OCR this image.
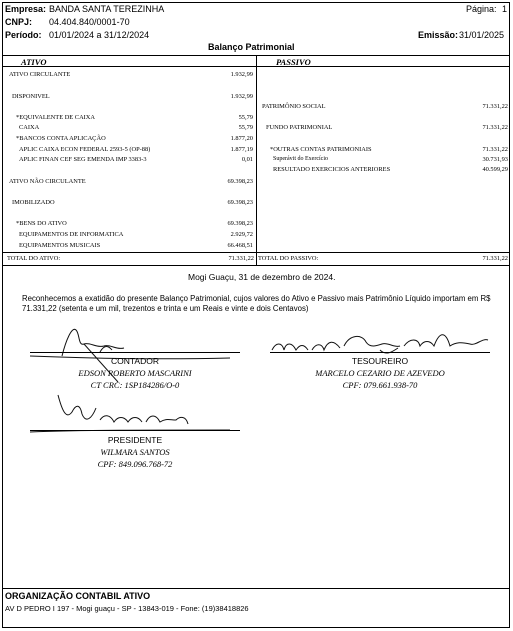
Empresa: BANDA SANTA TEREZINHA	Página: 1
CNPJ: 04.404.840/0001-70
Período: 01/01/2024 a 31/12/2024	Emissão: 31/01/2025
Balanço Patrimonial
ATIVO	PASSIVO
ATIVO CIRCULANTE	1.932,99
DISPONIVEL	1.932,99
*EQUIVALENTE DE CAIXA	55,79
CAIXA	55,79
*BANCOS CONTA APLICAÇÃO	1.877,20
APLIC CAIXA ECON FEDERAL 2593-5 (OP-88)	1.877,19
APLIC FINAN CEF SEG EMENDA IMP 3383-3	0,01
ATIVO NÃO CIRCULANTE	69.398,23
IMOBILIZADO	69.398,23
*BENS DO ATIVO	69.398,23
EQUIPAMENTOS DE INFORMATICA	2.929,72
EQUIPAMENTOS MUSICAIS	66.468,51
TOTAL DO ATIVO:	71.331,22
PATRIMÔNIO SOCIAL	71.331,22
FUNDO PATRIMONIAL	71.331,22
*OUTRAS CONTAS PATRIMONIAIS	71.331,22
Superávit do Exercício	30.731,93
RESULTADO EXERCICIOS ANTERIORES	40.599,29
TOTAL DO PASSIVO:	71.331,22
Mogi Guaçu, 31 de dezembro de 2024.
Reconhecemos a exatidão do presente Balanço Patrimonial, cujos valores do Ativo e Passivo mais Patrimônio Líquido importam em R$
71.331,22 (setenta e um mil, trezentos e trinta e um Reais e vinte e dois Centavos)
CONTADOR
EDSON ROBERTO MASCARINI
CT CRC: 1SP184286/O-0
TESOUREIRO
MARCELO CEZARIO DE AZEVEDO
CPF: 079.661.938-70
PRESIDENTE
WILMARA SANTOS
CPF: 849.096.768-72
ORGANIZAÇÃO CONTABIL ATIVO
AV D PEDRO I 197 - Mogi guaçu - SP - 13843-019 - Fone: (19)38418826
